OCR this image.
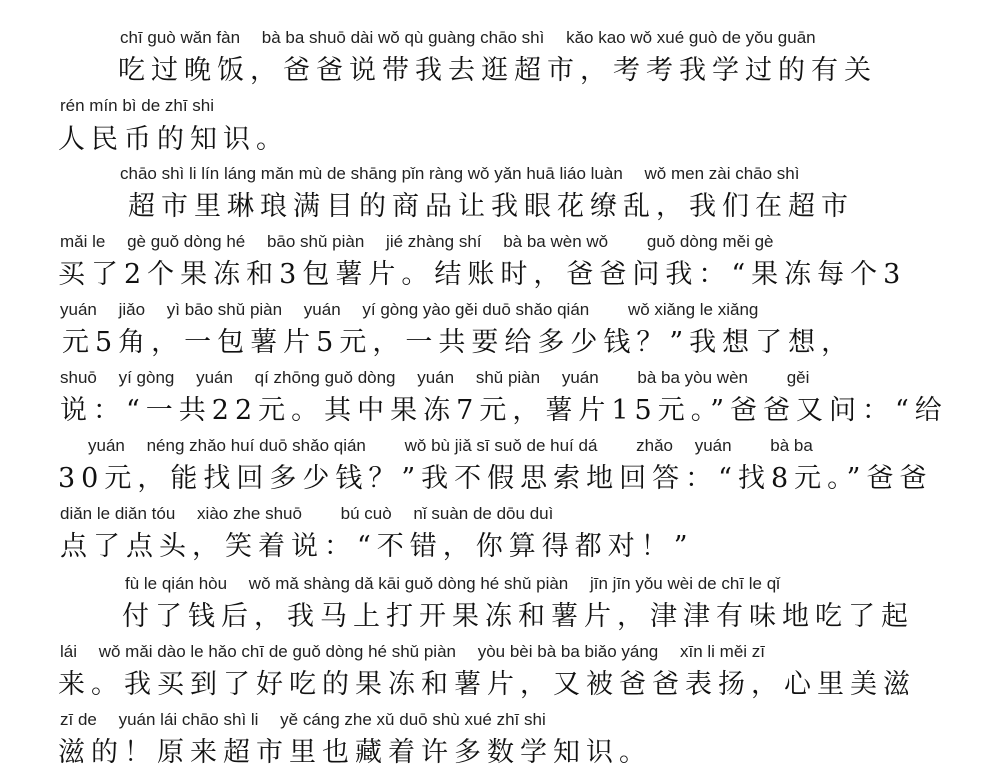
chī guò wǎn fàn　 bà ba shuō dài wǒ qù guàng chāo shì　 kǎo kao wǒ xué guò de yǒu guān
吃过晚饭，爸爸说带我去逛超市，考考我学过的有关
rén mín bì de zhī shi
人民币的知识。
chāo shì li lín láng mǎn mù de shāng pǐn ràng wǒ yǎn huā liáo luàn　 wǒ men zài chāo shì
超市里琳琅满目的商品让我眼花缭乱，我们在超市
mǎi le　 gè guǒ dòng hé　 bāo shǔ piàn　 jié zhàng shí　 bà ba wèn wǒ　　 guǒ dòng měi gè
买了2个果冻和3包薯片。结账时，爸爸问我：“果冻每个3
yuán　 jiǎo　 yì bāo shǔ piàn　 yuán　 yí gòng yào gěi duō shǎo qián　　 wǒ xiǎng le xiǎng
元5角，一包薯片5元，一共要给多少钱？”我想了想，
shuō　 yí gòng　 yuán　 qí zhōng guǒ dòng　 yuán　 shǔ piàn　 yuán　　 bà ba yòu wèn　　 gěi
说：“一共22元。其中果冻7元，薯片15元。”爸爸又问：“给
yuán　 néng zhǎo huí duō shǎo qián　　 wǒ bù jiǎ sī suǒ de huí dá　　 zhǎo　 yuán　　 bà ba
30元，能找回多少钱？”我不假思索地回答：“找8元。”爸爸
diǎn le diǎn tóu　 xiào zhe shuō　　 bú cuò　 nǐ suàn de dōu duì
点了点头，笑着说：“不错，你算得都对！”
fù le qián hòu　 wǒ mǎ shàng dǎ kāi guǒ dòng hé shǔ piàn　 jīn jīn yǒu wèi de chī le qǐ
付了钱后，我马上打开果冻和薯片，津津有味地吃了起
lái　 wǒ mǎi dào le hǎo chī de guǒ dòng hé shǔ piàn　 yòu bèi bà ba biǎo yáng　 xīn li měi zī
来。我买到了好吃的果冻和薯片，又被爸爸表扬，心里美滋
zī de　 yuán lái chāo shì li　 yě cáng zhe xǔ duō shù xué zhī shi
滋的！原来超市里也藏着许多数学知识。
